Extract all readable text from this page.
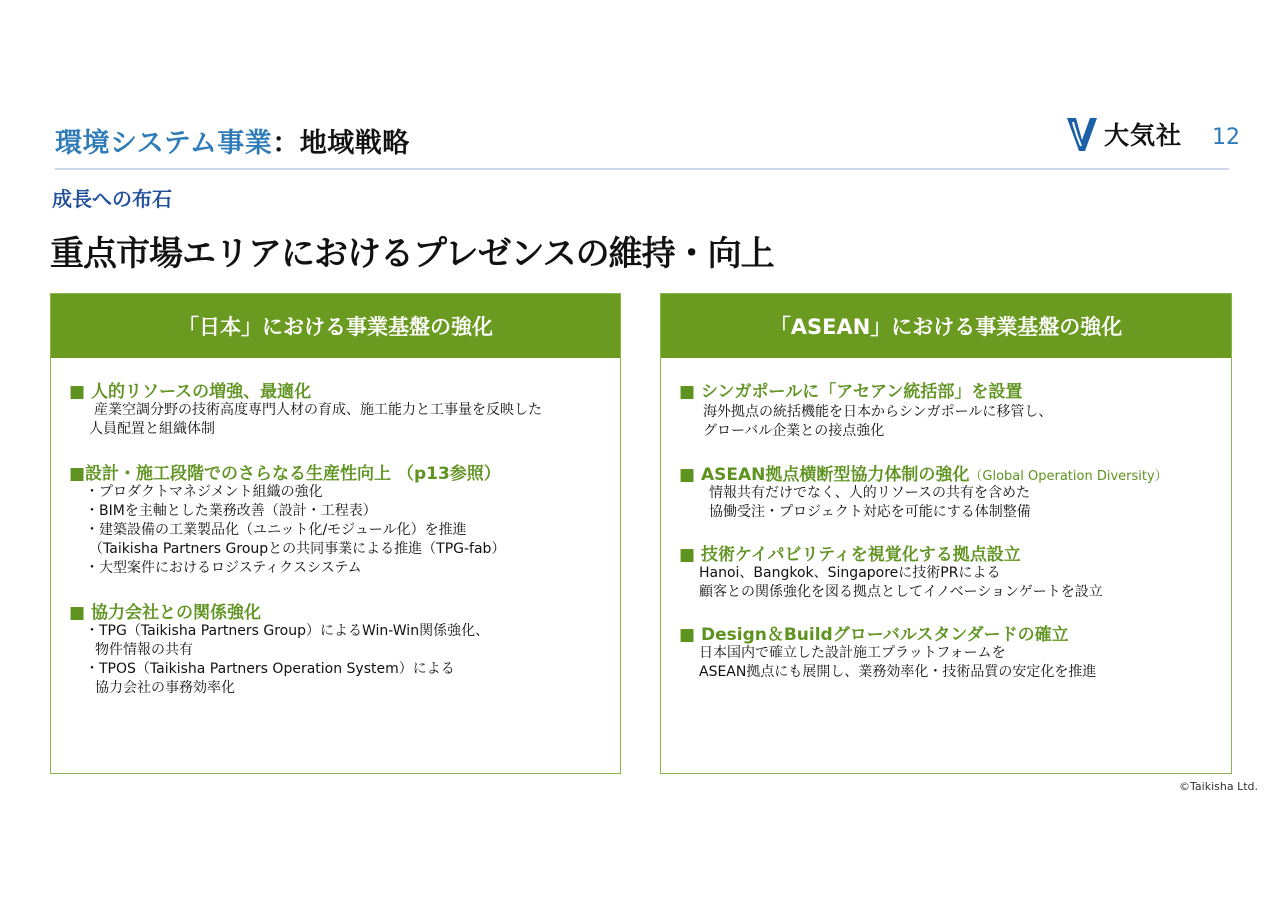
環境システム事業：地域戦略	大気社 12
成長への布石
重点市場エリアにおけるプレゼンスの維持・向上
「日本」における事業基盤の強化
■ 人的リソースの増強、最適化
産業空調分野の技術高度専門人材の育成、施工能力と工事量を反映した
人員配置と組織体制
■設計・施工段階でのさらなる生産性向上 （p13参照）
・プロダクトマネジメント組織の強化
・BIMを主軸とした業務改善（設計・工程表）
・建築設備の工業製品化（ユニット化/モジュール化）を推進
（Taikisha Partners Groupとの共同事業による推進（TPG-fab）
・大型案件におけるロジスティクスシステム
■ 協力会社との関係強化
・TPG（Taikisha Partners Group）によるWin-Win関係強化、
物件情報の共有
・TPOS（Taikisha Partners Operation System）による
協力会社の事務効率化
「ASEAN」における事業基盤の強化
■ シンガポールに「アセアン統括部」を設置
海外拠点の統括機能を日本からシンガポールに移管し、
グローバル企業との接点強化
■ ASEAN拠点横断型協力体制の強化（Global Operation Diversity）
情報共有だけでなく、人的リソースの共有を含めた
協働受注・プロジェクト対応を可能にする体制整備
■ 技術ケイパビリティを視覚化する拠点設立
Hanoi、Bangkok、Singaporeに技術PRによる
顧客との関係強化を図る拠点としてイノベーションゲートを設立
■ Design＆Buildグローバルスタンダードの確立
日本国内で確立した設計施工プラットフォームを
ASEAN拠点にも展開し、業務効率化・技術品質の安定化を推進
©Taikisha Ltd.
